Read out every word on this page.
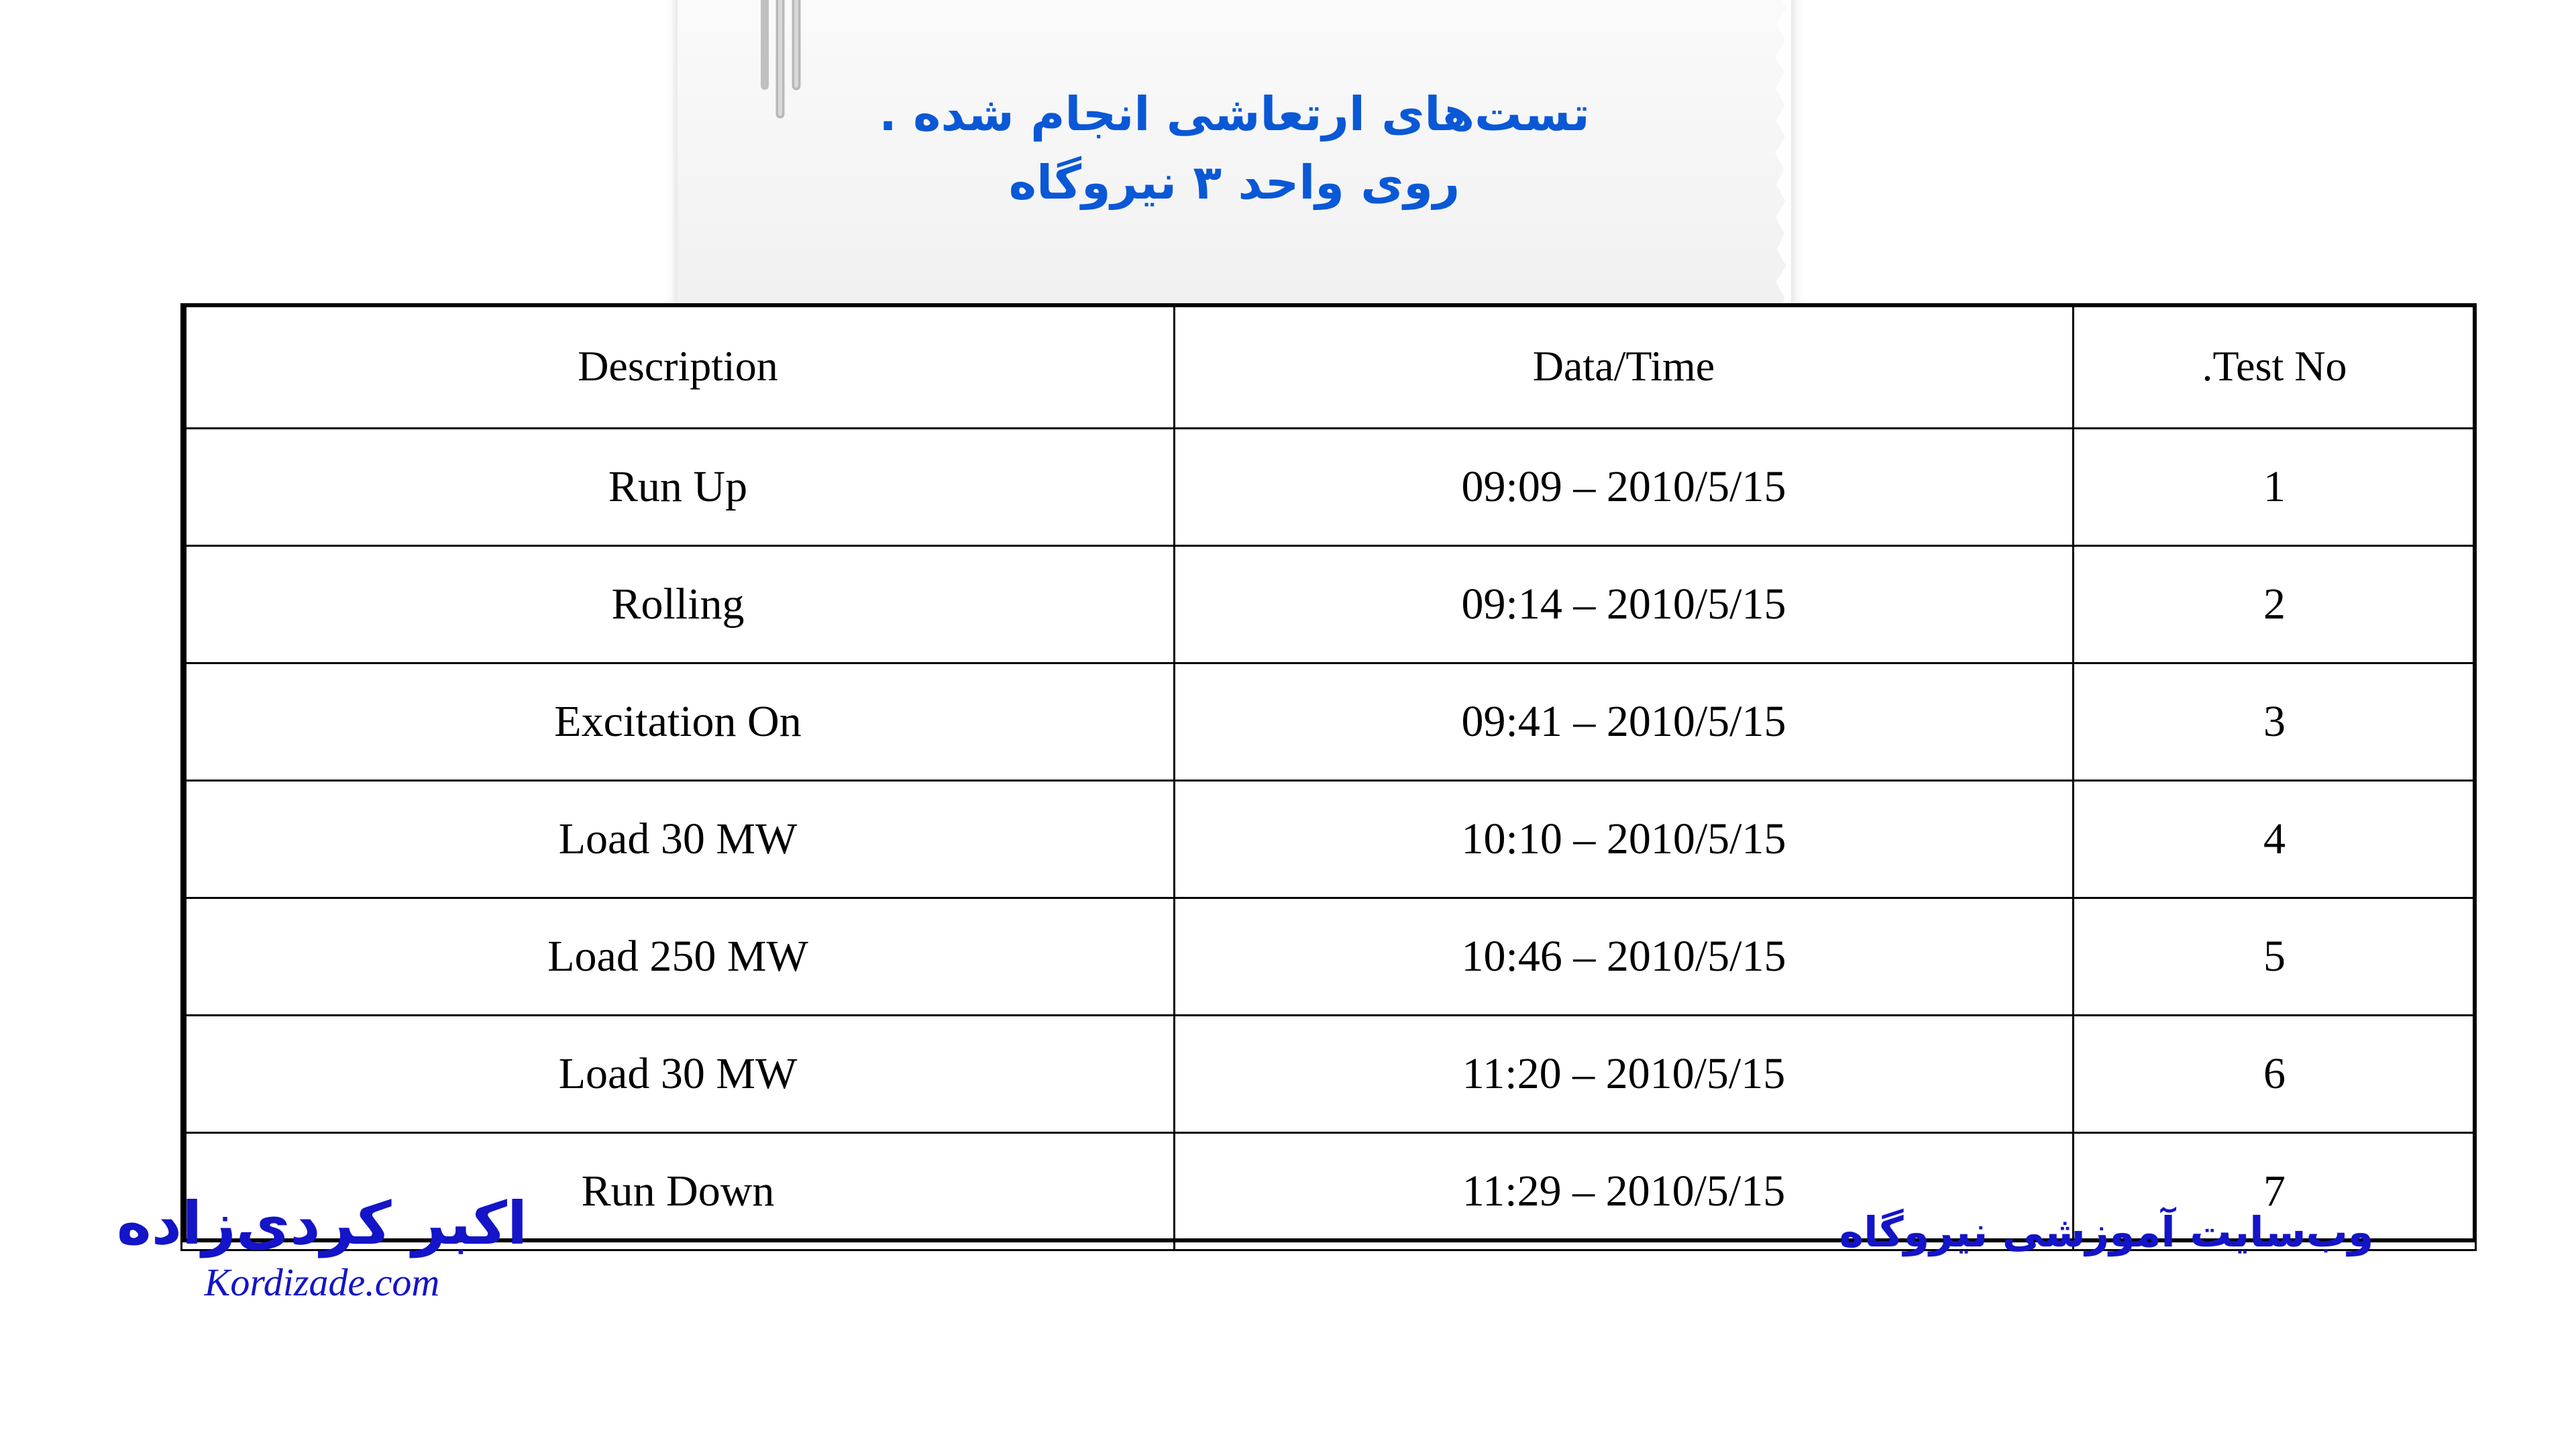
تست‌های ارتعاشی انجام شده .
روی واحد ۳ نیروگاه
Test No.	Data/Time	Description
1	2010/5/15 – 09:09	Run Up
2	2010/5/15 – 09:14	Rolling
3	2010/5/15 – 09:41	Excitation On
4	2010/5/15 – 10:10	Load 30 MW
5	2010/5/15 – 10:46	Load 250 MW
6	2010/5/15 – 11:20	Load 30 MW
7	2010/5/15 – 11:29	Run Down
اکبر کردی‌زاده
Kordizade.com
وب‌سایت آموزشی نیروگاه
